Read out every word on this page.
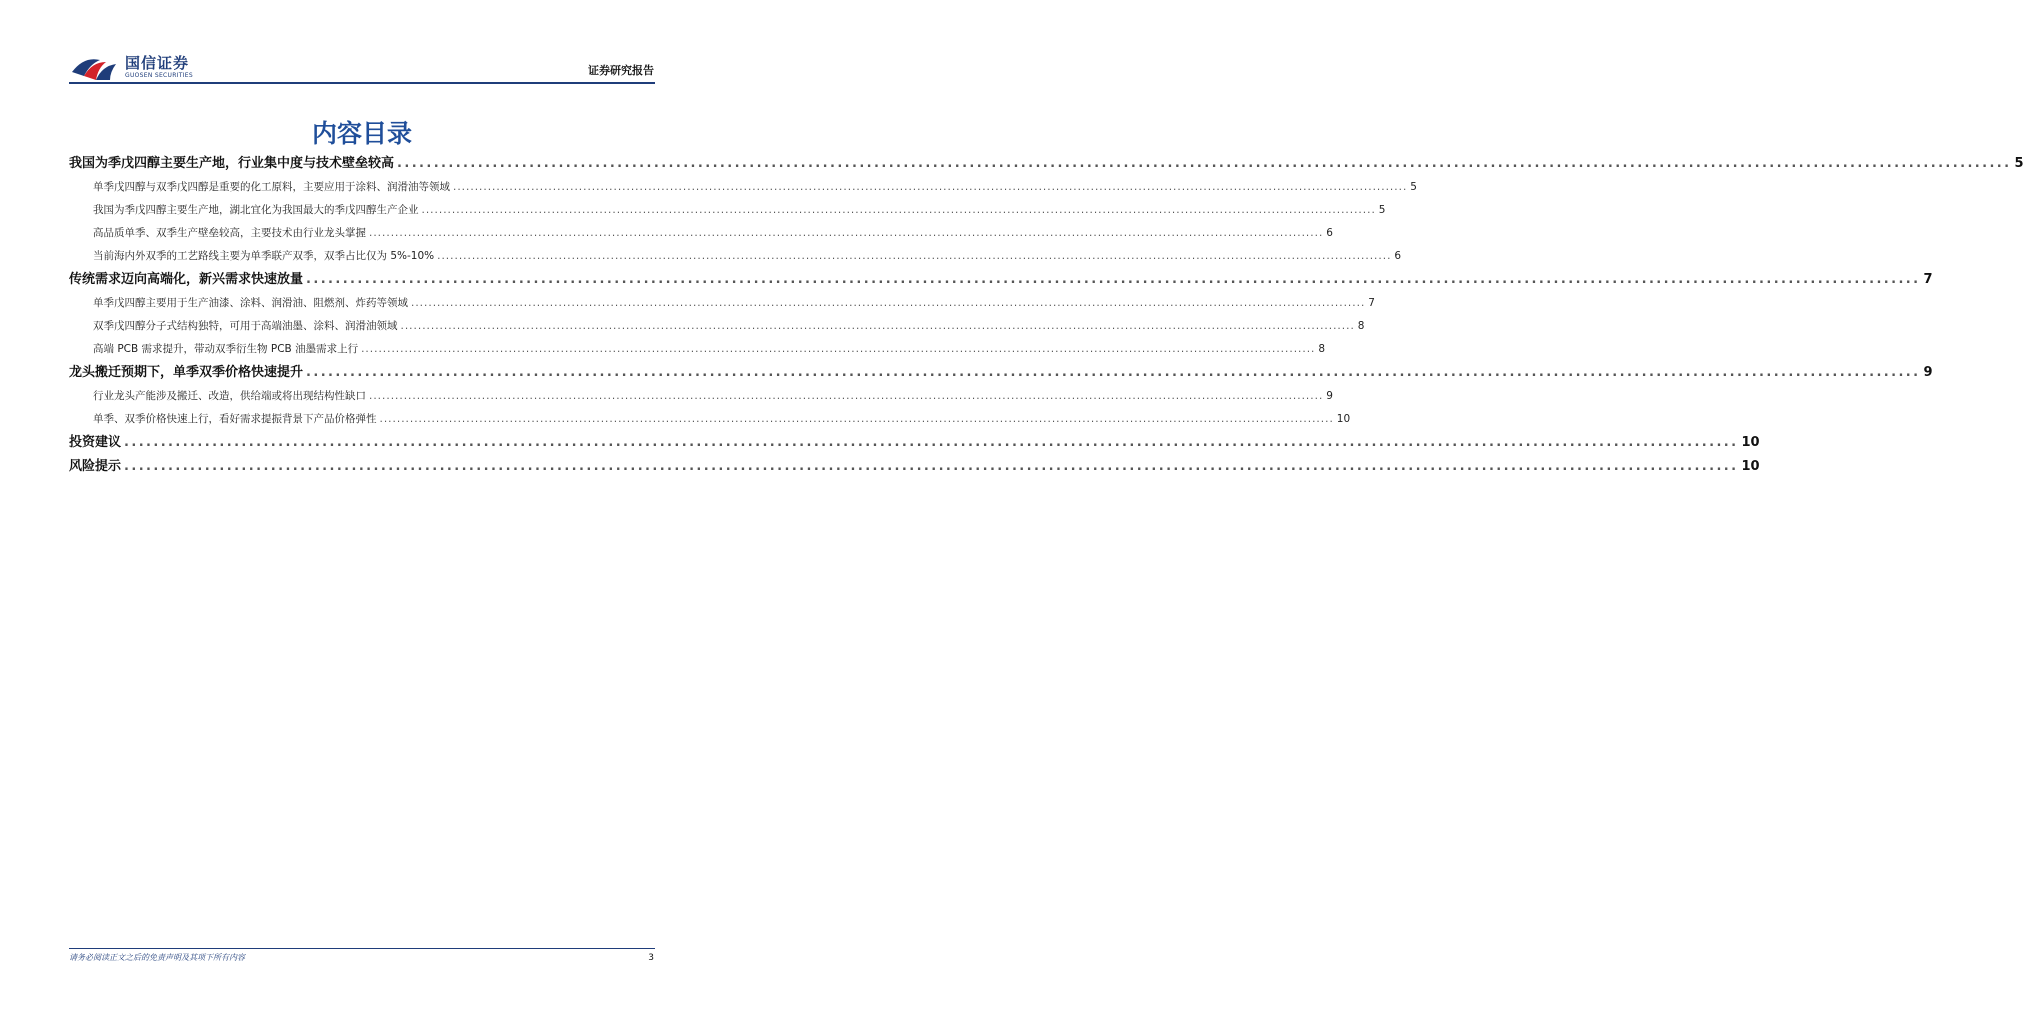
国信证券
GUOSEN SECURITIES	证券研究报告
内容目录
我国为季戊四醇主要生产地，行业集中度与技术壁垒较高 ............................................................................................................................................................................................................................ 5
单季戊四醇与双季戊四醇是重要的化工原料，主要应用于涂料、润滑油等领域 ............................................................................................................................................................................................................................ 5
我国为季戊四醇主要生产地，湖北宜化为我国最大的季戊四醇生产企业 ............................................................................................................................................................................................................................ 5
高品质单季、双季生产壁垒较高，主要技术由行业龙头掌握 ............................................................................................................................................................................................................................ 6
当前海内外双季的工艺路线主要为单季联产双季，双季占比仅为 5%-10% ............................................................................................................................................................................................................................ 6
传统需求迈向高端化，新兴需求快速放量 ............................................................................................................................................................................................................................ 7
单季戊四醇主要用于生产油漆、涂料、润滑油、阻燃剂、炸药等领域 ............................................................................................................................................................................................................................ 7
双季戊四醇分子式结构独特，可用于高端油墨、涂料、润滑油领域 ............................................................................................................................................................................................................................ 8
高端 PCB 需求提升，带动双季衍生物 PCB 油墨需求上行 ............................................................................................................................................................................................................................ 8
龙头搬迁预期下，单季双季价格快速提升 ............................................................................................................................................................................................................................ 9
行业龙头产能涉及搬迁、改造，供给端或将出现结构性缺口 ............................................................................................................................................................................................................................ 9
单季、双季价格快速上行，看好需求提振背景下产品价格弹性 ............................................................................................................................................................................................................................ 10
投资建议 ............................................................................................................................................................................................................................ 10
风险提示 ............................................................................................................................................................................................................................ 10
请务必阅读正文之后的免责声明及其项下所有内容	3
